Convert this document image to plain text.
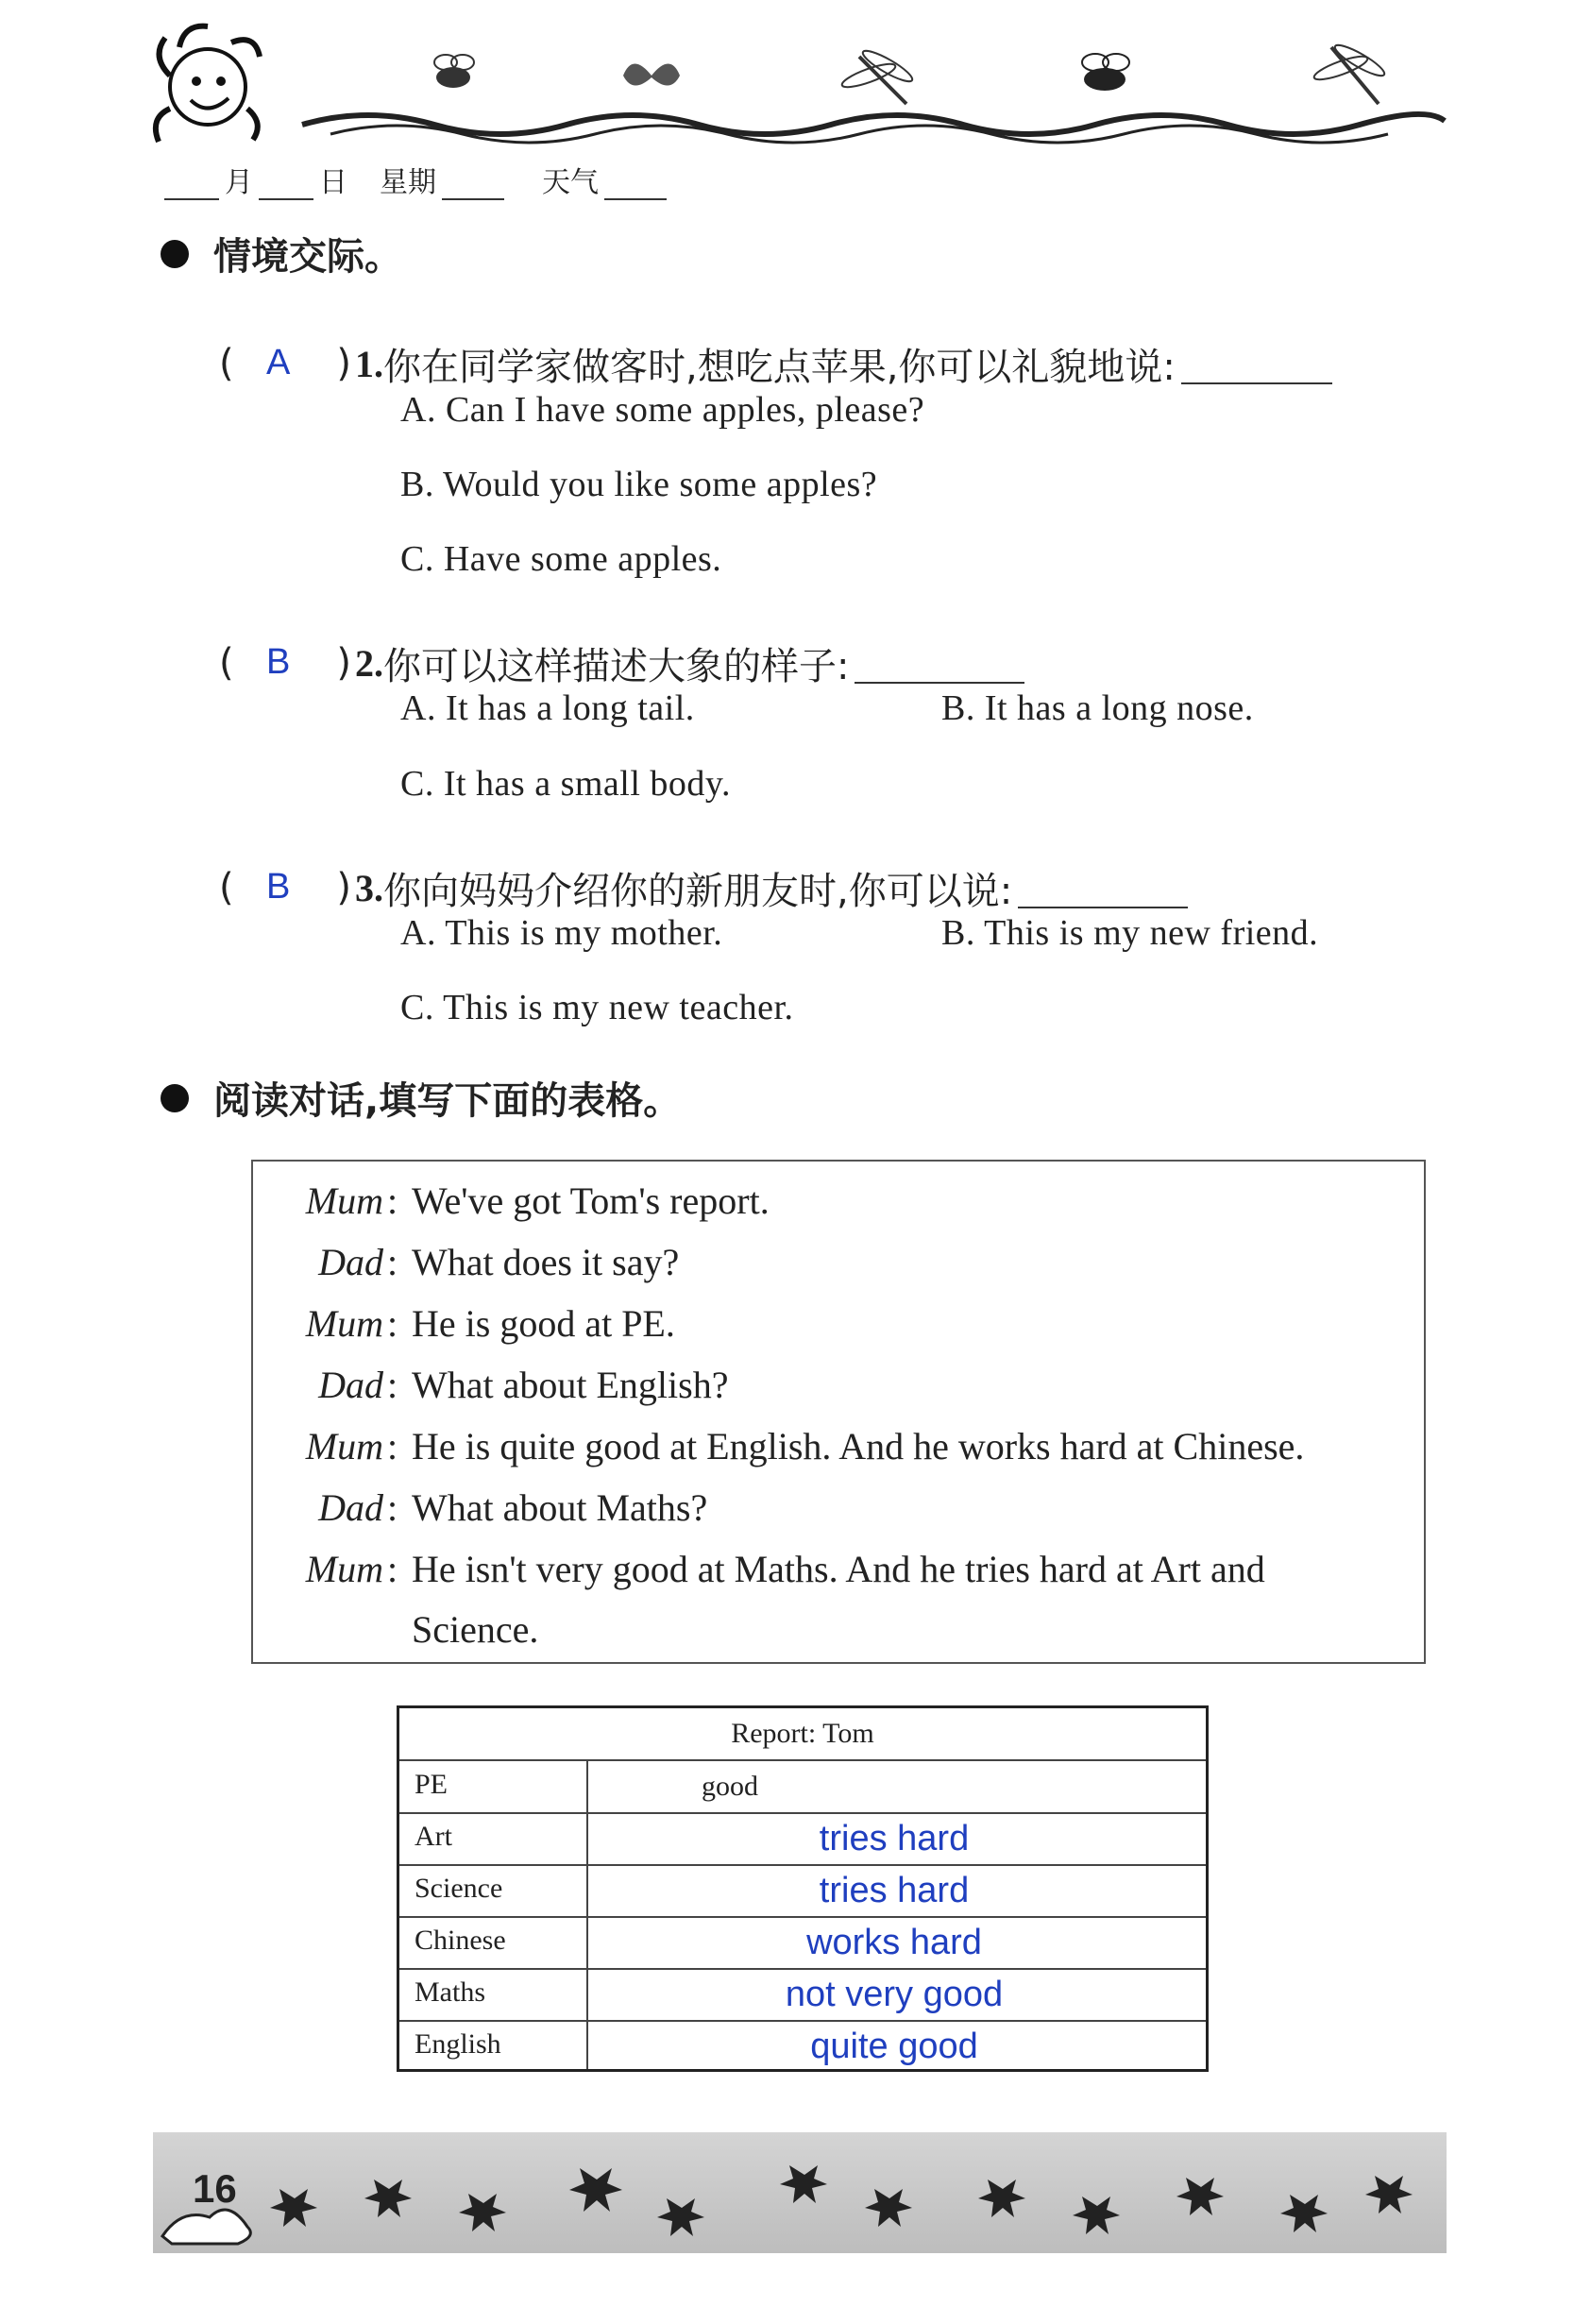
月 日 星期	天气
情境交际。
( A ) 1. 你在同学家做客时,想吃点苹果,你可以礼貌地说:
A. Can I have some apples, please?
B. Would you like some apples?
C. Have some apples.
( B ) 2. 你可以这样描述大象的样子:
A. It has a long tail.	B. It has a long nose.
C. It has a small body.
( B ) 3. 你向妈妈介绍你的新朋友时,你可以说:
A. This is my mother.	B. This is my new friend.
C. This is my new teacher.
阅读对话,填写下面的表格。
Mum : We've got Tom's report.
Dad : What does it say?
Mum : He is good at PE.
Dad : What about English?
Mum : He is quite good at English. And he works hard at Chinese.
Dad : What about Maths?
Mum : He isn't very good at Maths. And he tries hard at Art and
Science.
Report: Tom
PE	good
Art	tries hard
Science	tries hard
Chinese	works hard
Maths	not very good
English	quite good
16
